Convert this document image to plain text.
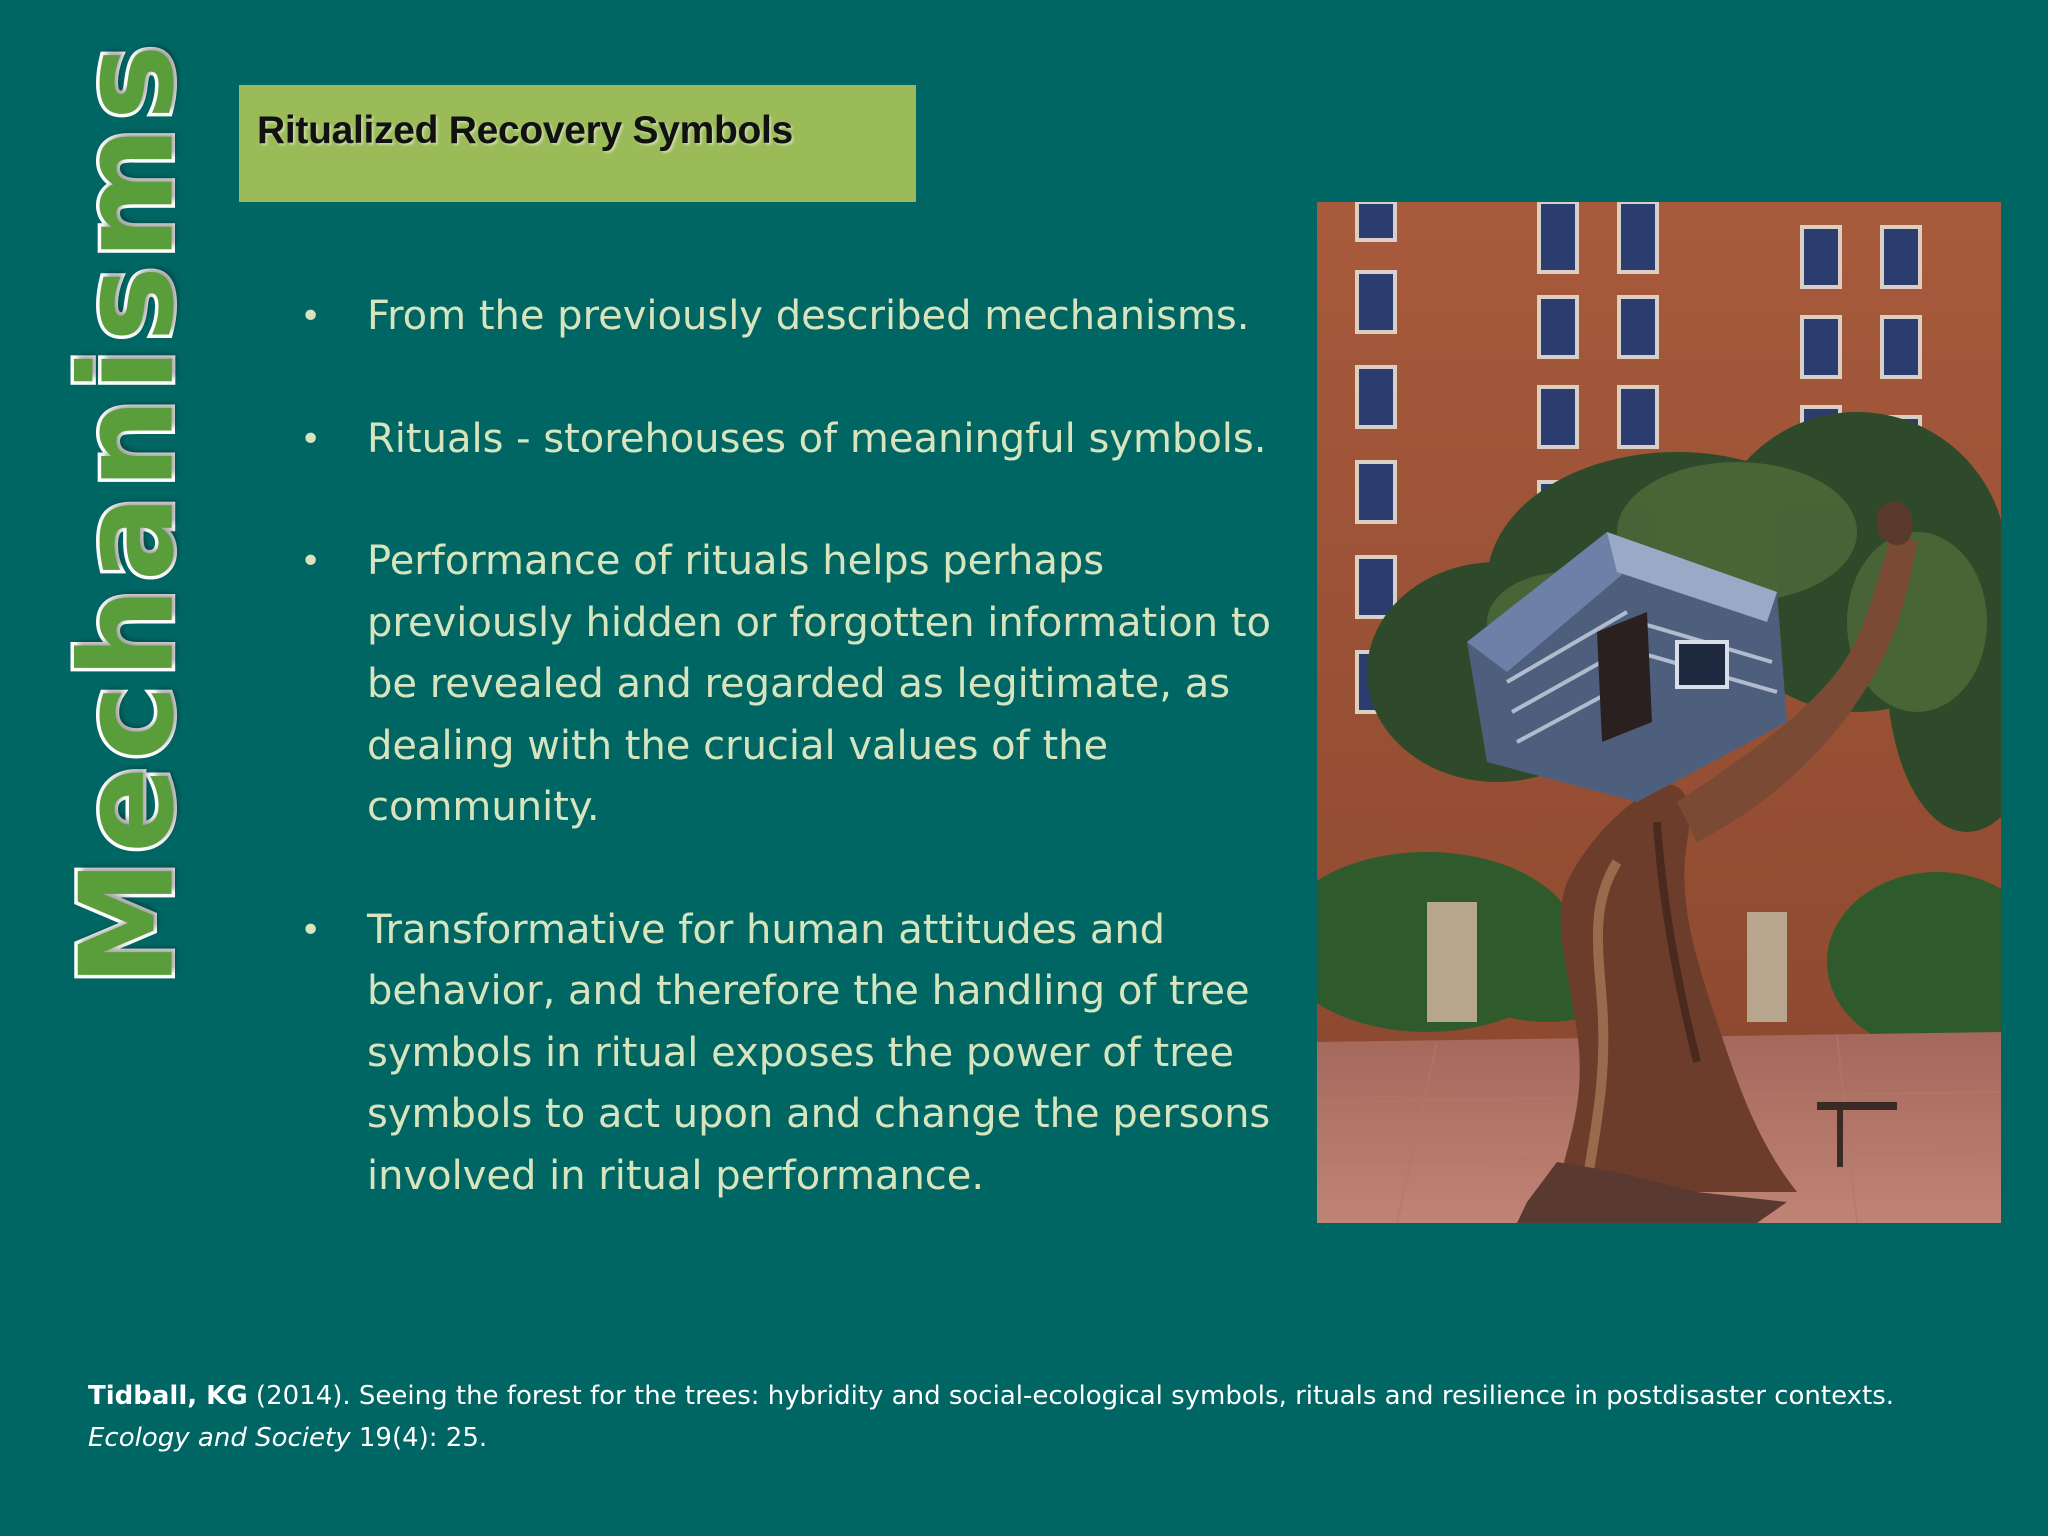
Mechanisms Ritualized Recovery Symbols
• From the previously described mechanisms.
• Rituals - storehouses of meaningful symbols.
• Performance of rituals helps perhaps previously hidden or forgotten information to be revealed and regarded as legitimate, as dealing with the crucial values of the community.
• Transformative for human attitudes and behavior, and therefore the handling of tree symbols in ritual exposes the power of tree symbols to act upon and change the persons involved in ritual performance.
Tidball, KG (2014). Seeing the forest for the trees: hybridity and social-ecological symbols, rituals and resilience in postdisaster contexts.
Ecology and Society 19(4): 25.
